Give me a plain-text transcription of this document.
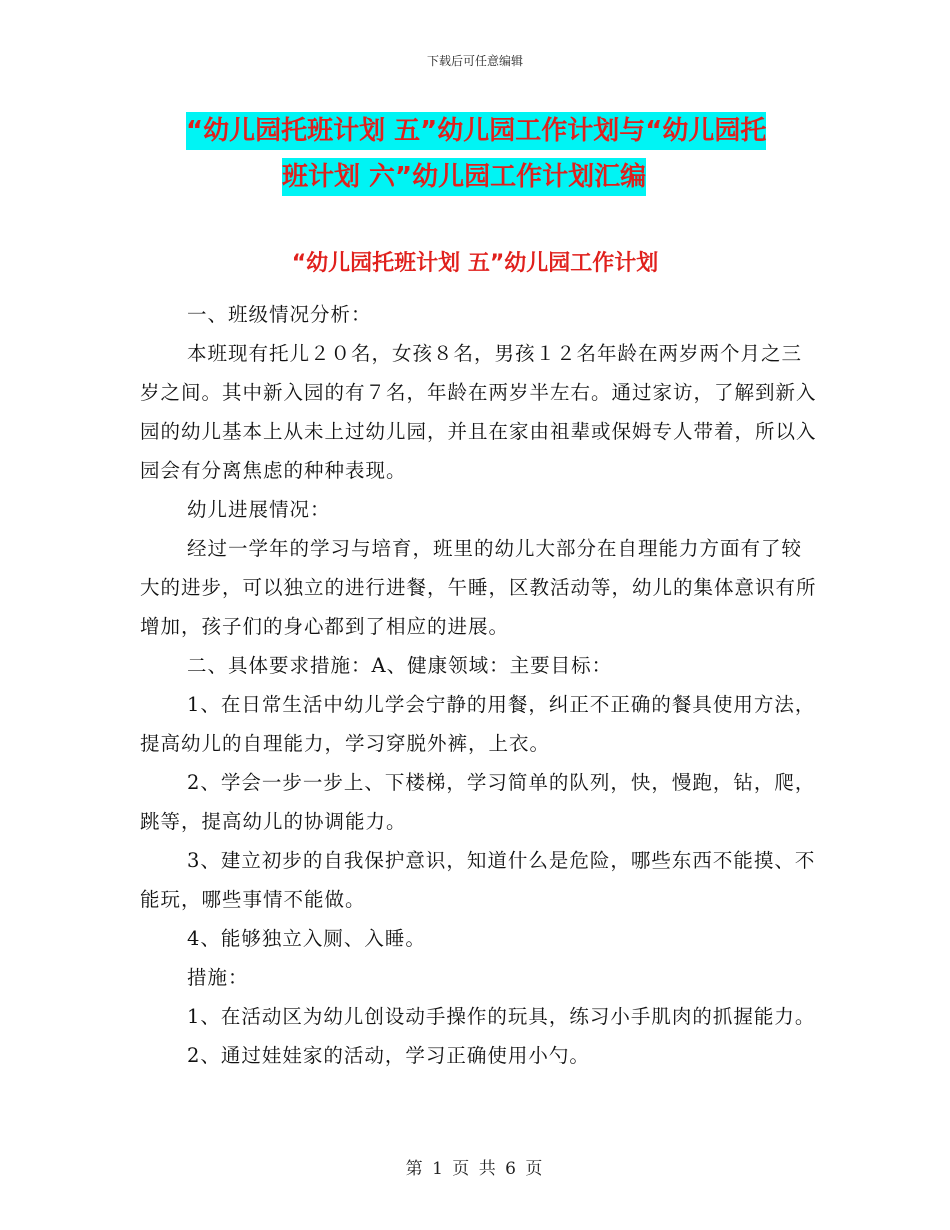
下载后可任意编辑
“幼儿园托班计划 五”幼儿园工作计划与“幼儿园托
班计划 六”幼儿园工作计划汇编
“幼儿园托班计划 五”幼儿园工作计划

一、班级情况分析：

本班现有托儿２０名，女孩８名，男孩１２名年龄在两岁两个月之三岁之间。其中新入园的有７名，年龄在两岁半左右。通过家访，了解到新入园的幼儿基本上从未上过幼儿园，并且在家由祖辈或保姆专人带着，所以入园会有分离焦虑的种种表现。

幼儿进展情况：

经过一学年的学习与培育，班里的幼儿大部分在自理能力方面有了较大的进步，可以独立的进行进餐，午睡，区教活动等，幼儿的集体意识有所增加，孩子们的身心都到了相应的进展。

二、具体要求措施：A、健康领域：主要目标：

1、在日常生活中幼儿学会宁静的用餐，纠正不正确的餐具使用方法，提高幼儿的自理能力，学习穿脱外裤，上衣。

2、学会一步一步上、下楼梯，学习简单的队列，快，慢跑，钻，爬，跳等，提高幼儿的协调能力。

3、建立初步的自我保护意识，知道什么是危险，哪些东西不能摸、不能玩，哪些事情不能做。

4、能够独立入厕、入睡。

措施：

1、在活动区为幼儿创设动手操作的玩具，练习小手肌肉的抓握能力。

2、通过娃娃家的活动，学习正确使用小勺。

第 1 页 共 6 页
